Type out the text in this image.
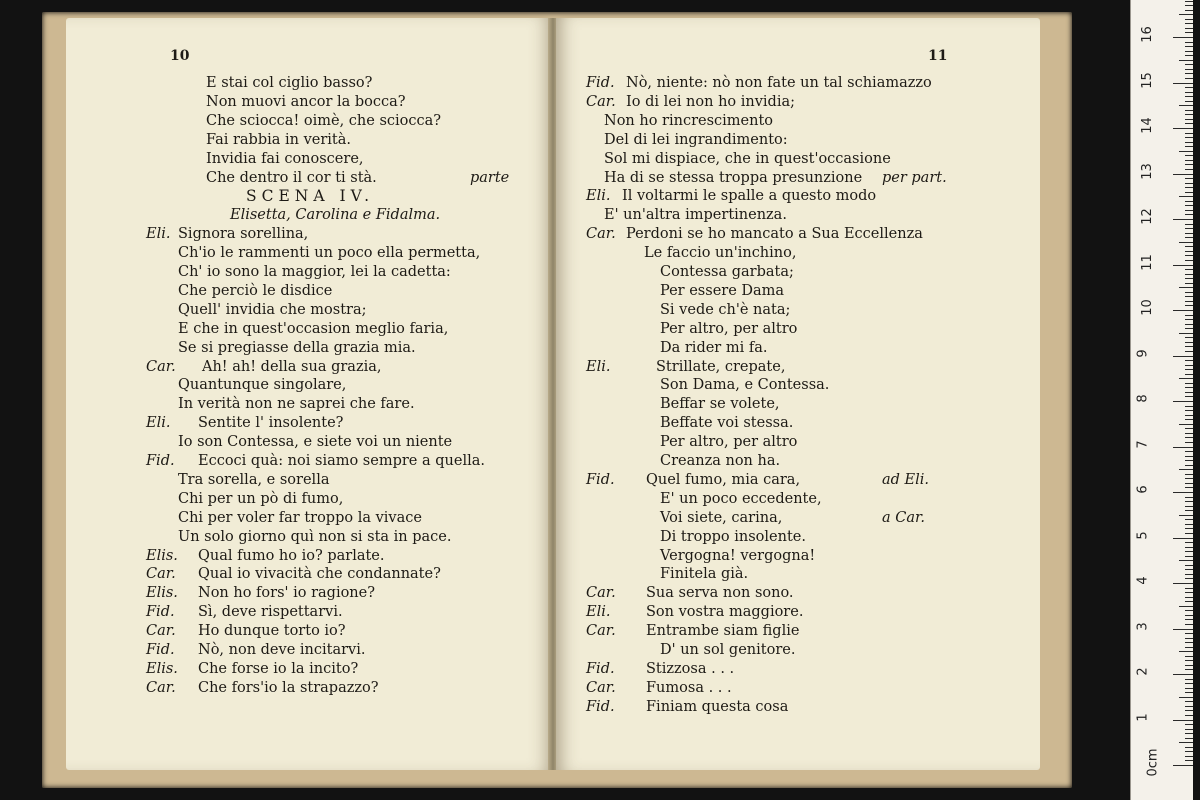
10
E stai col ciglio basso?
Non muovi ancor la bocca?
Che sciocca! oimè, che sciocca?
Fai rabbia in verità.
Invidia fai conoscere,
Che dentro il cor ti stà.	parte
SCENA IV.
Elisetta, Carolina e Fidalma.
Eli. Signora sorellina,
Ch'io le rammenti un poco ella permetta,
Ch' io sono la maggior, lei la cadetta:
Che perciò le disdice
Quell' invidia che mostra;
E che in quest'occasion meglio faria,
Se si pregiasse della grazia mia.
Car. Ah! ah! della sua grazia,
Quantunque singolare,
In verità non ne saprei che fare.
Eli. Sentite l' insolente?
Io son Contessa, e siete voi un niente
Fid. Eccoci quà: noi siamo sempre a quella.
Tra sorella, e sorella
Chi per un pò di fumo,
Chi per voler far troppo la vivace
Un solo giorno quì non si sta in pace.
Elis. Qual fumo ho io? parlate.
Car. Qual io vivacità che condannate?
Elis. Non ho fors' io ragione?
Fid. Sì, deve rispettarvi.
Car. Ho dunque torto io?
Fid. Nò, non deve incitarvi.
Elis. Che forse io la incito?
Car. Che fors'io la strapazzo?
11
Fid. Nò, niente: nò non fate un tal schiamazzo
Car. Io di lei non ho invidia;
Non ho rincrescimento
Del di lei ingrandimento:
Sol mi dispiace, che in quest'occasione
Ha di se stessa troppa presunzione per part.
Eli. Il voltarmi le spalle a questo modo
E' un'altra impertinenza.
Car. Perdoni se ho mancato a Sua Eccellenza
Le faccio un'inchino,
Contessa garbata;
Per essere Dama
Si vede ch'è nata;
Per altro, per altro
Da rider mi fa.
Eli.	Strillate, crepate,
Son Dama, e Contessa.
Beffar se volete,
Beffate voi stessa.
Per altro, per altro
Creanza non ha.
Fid. Quel fumo, mia cara,	ad Eli.
E' un poco eccedente,
Voi siete, carina,	a Car.
Di troppo insolente.
Vergogna! vergogna!
Finitela già.
Car. Sua serva non sono.
Eli. Son vostra maggiore.
Car. Entrambe siam figlie
D' un sol genitore.
Fid. Stizzosa . . .
Car. Fumosa . . .
Fid. Finiam questa cosa
0cm
1
2
3
4
5
6
7
8
9
10
11
12
13
14
15
16
